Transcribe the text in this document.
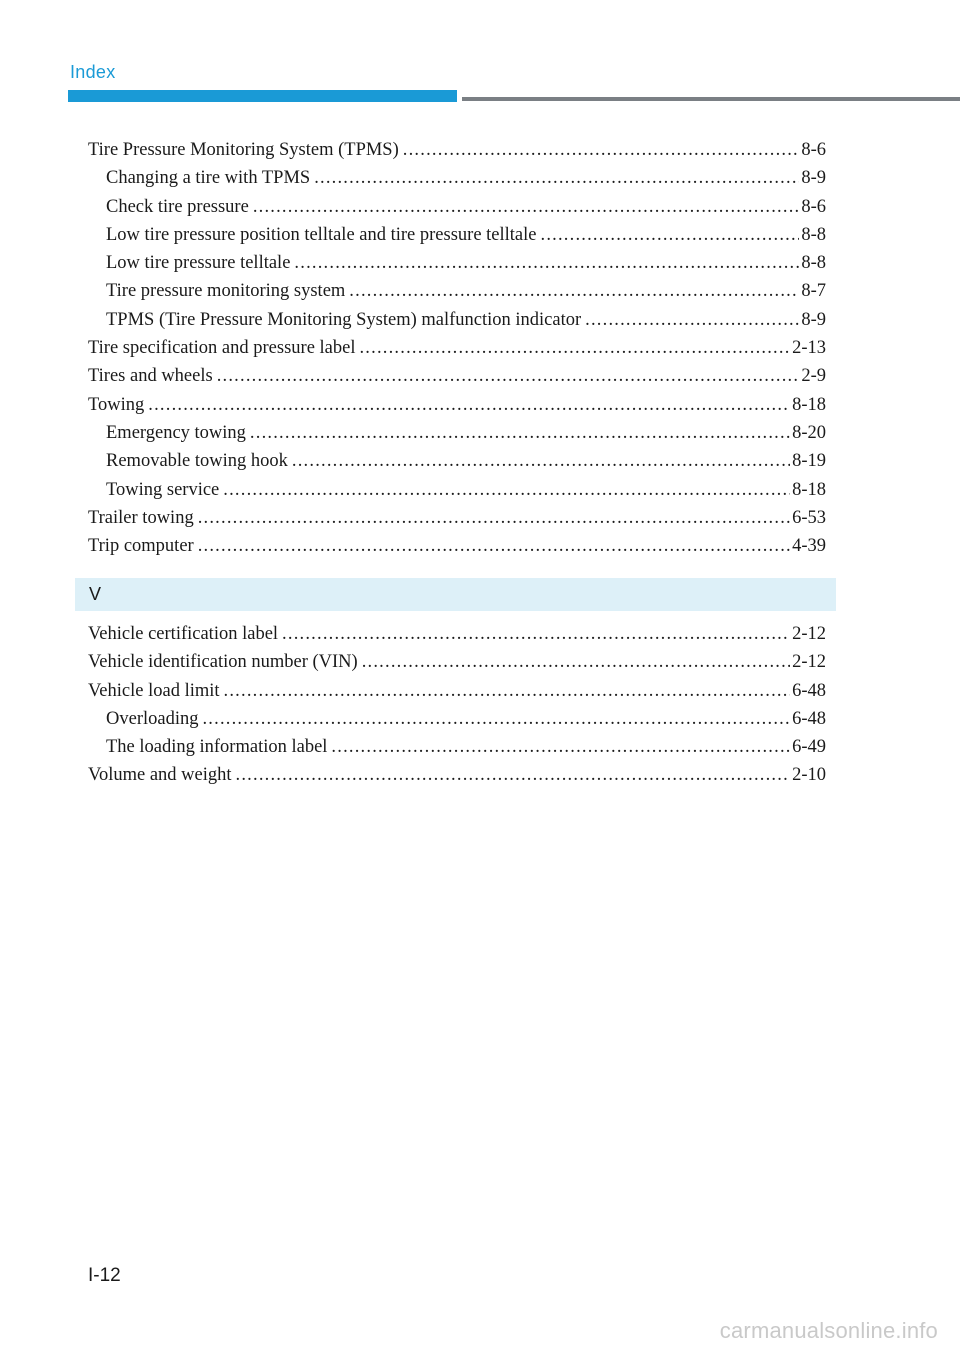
Index
Tire Pressure Monitoring System (TPMS) .....	8-6
Changing a tire with TPMS .....	8-9
Check tire pressure .....	8-6
Low tire pressure position telltale and tire pressure telltale .....	8-8
Low tire pressure telltale .....	8-8
Tire pressure monitoring system .....	8-7
TPMS (Tire Pressure Monitoring System) malfunction indicator .....	8-9
Tire specification and pressure label .....	2-13
Tires and wheels .....	2-9
Towing .....	8-18
Emergency towing .....	8-20
Removable towing hook .....	8-19
Towing service .....	8-18
Trailer towing .....	6-53
Trip computer .....	4-39
V
Vehicle certification label .....	2-12
Vehicle identification number (VIN) .....	2-12
Vehicle load limit .....	6-48
Overloading .....	6-48
The loading information label .....	6-49
Volume and weight .....	2-10
I-12
carmanualsonline.info
